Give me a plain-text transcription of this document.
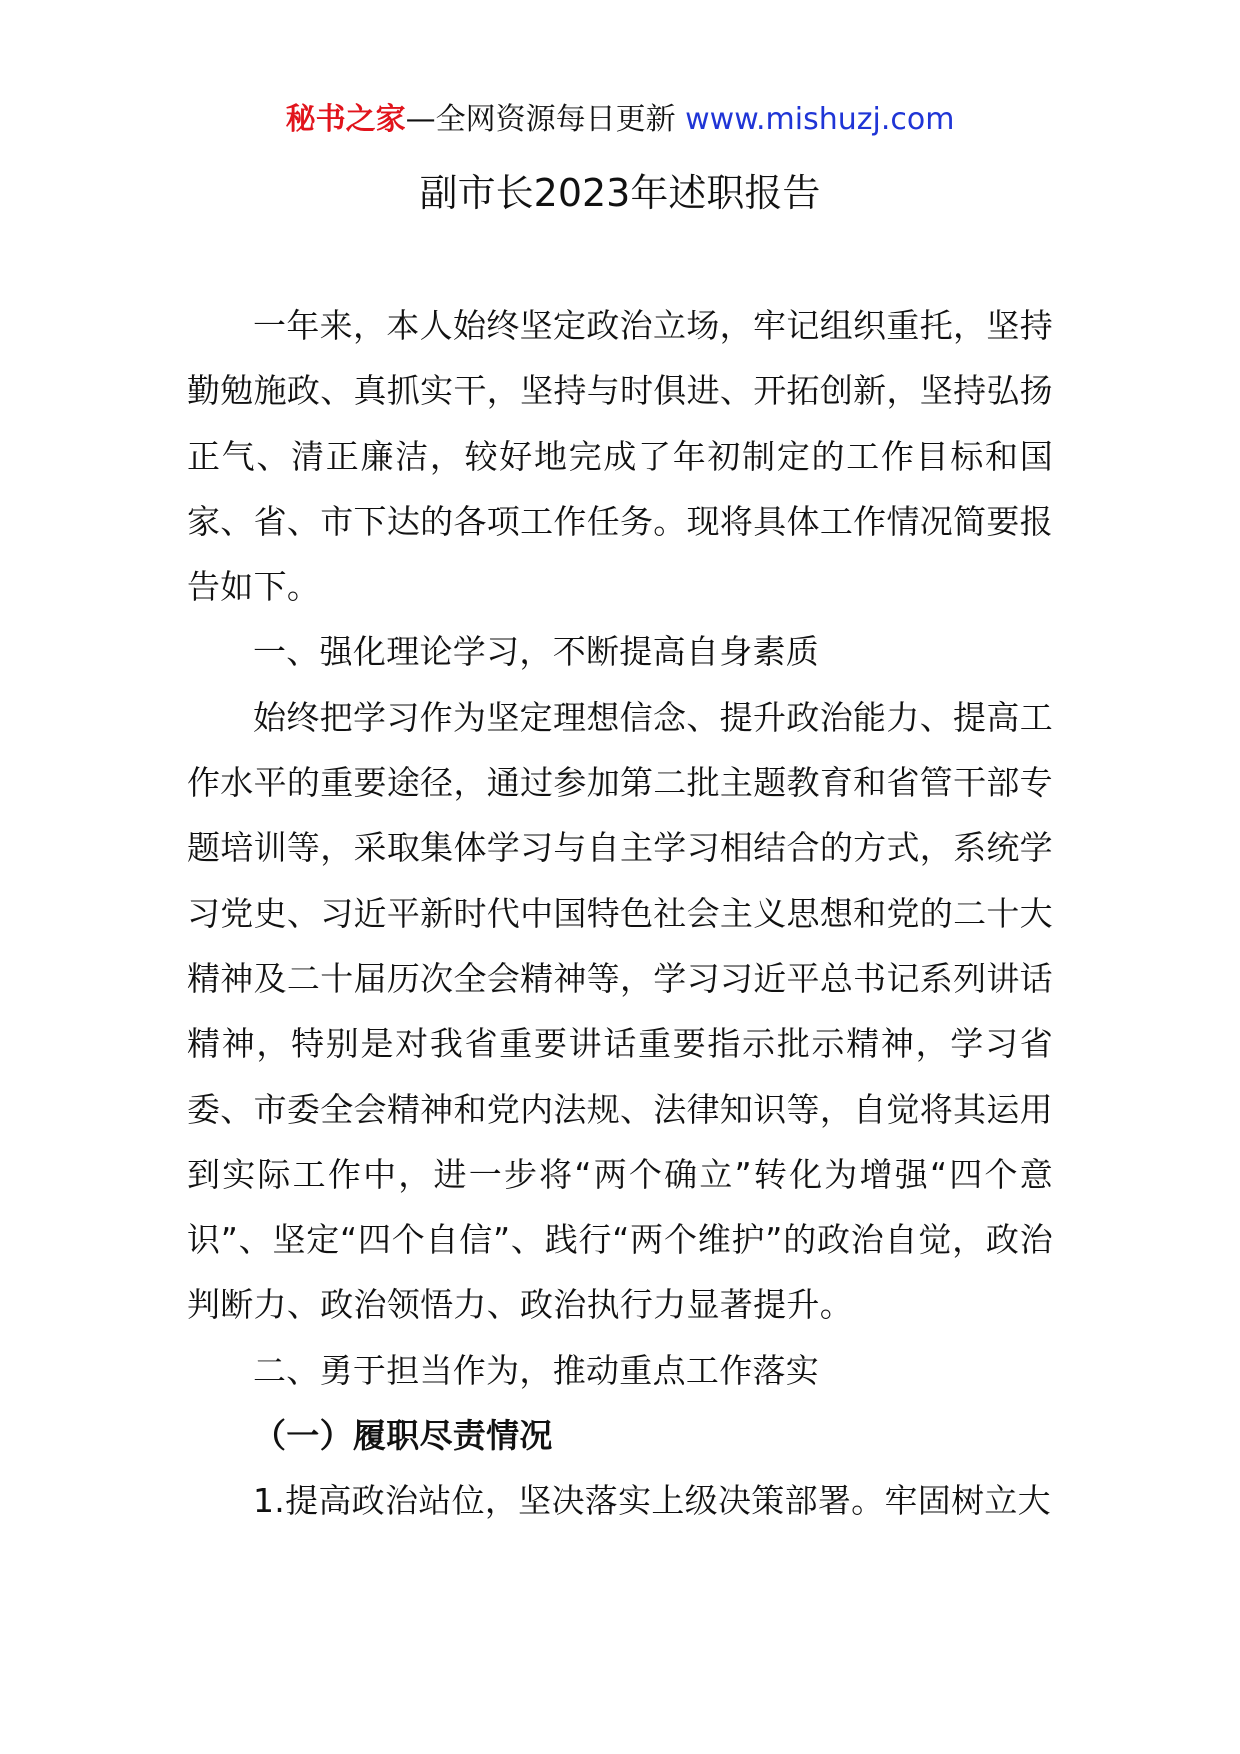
秘书之家—全网资源每日更新 www.mishuzj.com
副市长2023年述职报告

一年来，本人始终坚定政治立场，牢记组织重托，坚持勤勉施政、真抓实干，坚持与时俱进、开拓创新，坚持弘扬正气、清正廉洁，较好地完成了年初制定的工作目标和国家、省、市下达的各项工作任务。现将具体工作情况简要报告如下。

一、强化理论学习，不断提高自身素质

始终把学习作为坚定理想信念、提升政治能力、提高工作水平的重要途径，通过参加第二批主题教育和省管干部专题培训等，采取集体学习与自主学习相结合的方式，系统学习党史、习近平新时代中国特色社会主义思想和党的二十大精神及二十届历次全会精神等，学习习近平总书记系列讲话精神，特别是对我省重要讲话重要指示批示精神，学习省委、市委全会精神和党内法规、法律知识等，自觉将其运用到实际工作中，进一步将“两个确立”转化为增强“四个意识”、坚定“四个自信”、践行“两个维护”的政治自觉，政治判断力、政治领悟力、政治执行力显著提升。

二、勇于担当作为，推动重点工作落实

（一）履职尽责情况

1.提高政治站位，坚决落实上级决策部署。牢固树立大
